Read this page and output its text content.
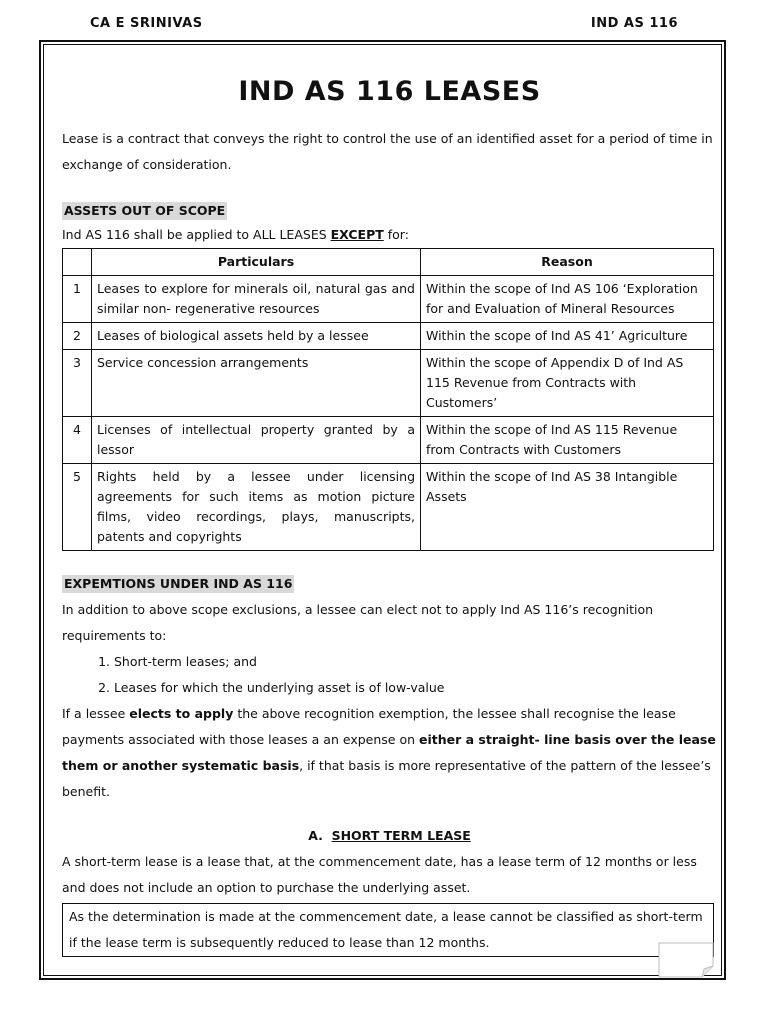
CA E SRINIVAS	IND AS 116
IND AS 116 LEASES

Lease is a contract that conveys the right to control the use of an identified asset for a period of time in exchange of consideration.

ASSETS OUT OF SCOPE

Ind AS 116 shall be applied to ALL LEASES EXCEPT for:

	Particulars	Reason
1	Leases to explore for minerals oil, natural gas and similar non- regenerative resources	Within the scope of Ind AS 106 ‘Exploration for and Evaluation of Mineral Resources
2	Leases of biological assets held by a lessee	Within the scope of Ind AS 41’ Agriculture
3	Service concession arrangements	Within the scope of Appendix D of Ind AS 115 Revenue from Contracts with Customers’
4	Licenses of intellectual property granted by a lessor	Within the scope of Ind AS 115 Revenue from Contracts with Customers
5	Rights held by a lessee under licensing agreements for such items as motion picture films, video recordings, plays, manuscripts, patents and copyrights	Within the scope of Ind AS 38 Intangible Assets
EXPEMTIONS UNDER IND AS 116

In addition to above scope exclusions, a lessee can elect not to apply Ind AS 116’s recognition requirements to:

1. Short-term leases; and
2. Leases for which the underlying asset is of low-value

If a lessee elects to apply the above recognition exemption, the lessee shall recognise the lease payments associated with those leases a an expense on either a straight- line basis over the lease them or another systematic basis, if that basis is more representative of the pattern of the lessee’s benefit.

A. SHORT TERM LEASE

A short-term lease is a lease that, at the commencement date, has a lease term of 12 months or less and does not include an option to purchase the underlying asset.

As the determination is made at the commencement date, a lease cannot be classified as short-term if the lease term is subsequently reduced to lease than 12 months.
